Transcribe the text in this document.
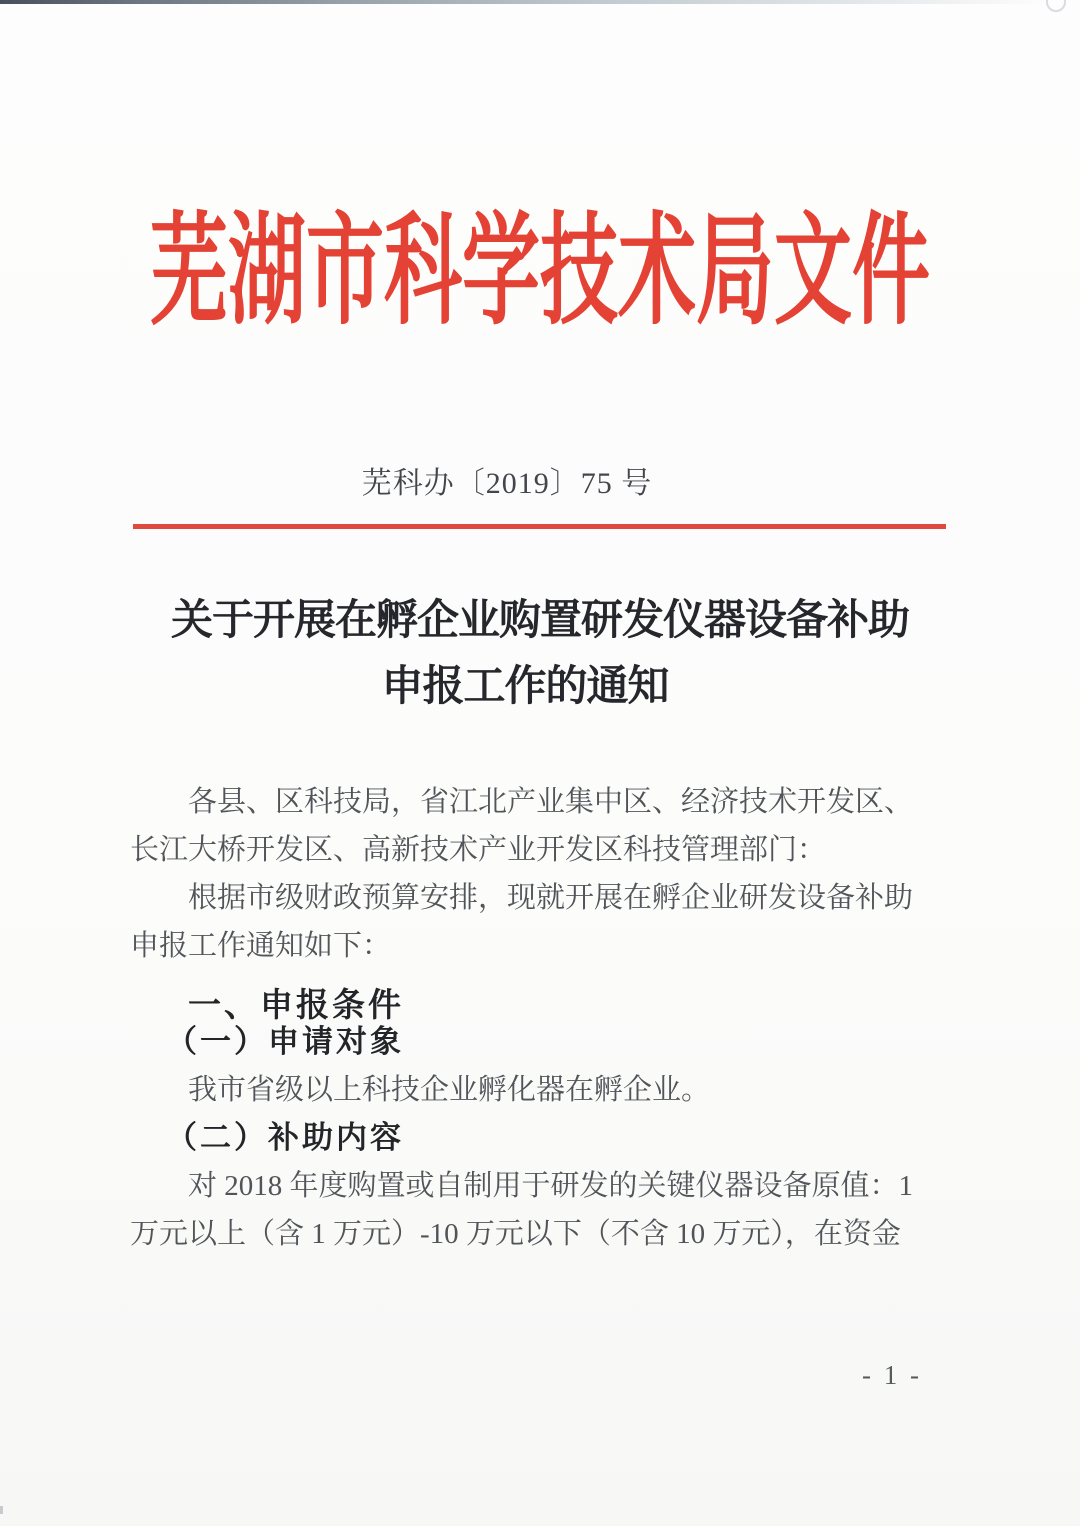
芜湖市科学技术局文件
芜科办〔2019〕75 号
关于开展在孵企业购置研发仪器设备补助
申报工作的通知
各县、区科技局，省江北产业集中区、经济技术开发区、
长江大桥开发区、高新技术产业开发区科技管理部门：
根据市级财政预算安排，现就开展在孵企业研发设备补助
申报工作通知如下：
一、申报条件
（一）申请对象
我市省级以上科技企业孵化器在孵企业。
（二）补助内容
对 2018 年度购置或自制用于研发的关键仪器设备原值：1
万元以上（含 1 万元）-10 万元以下（不含 10 万元），在资金
- 1 -
